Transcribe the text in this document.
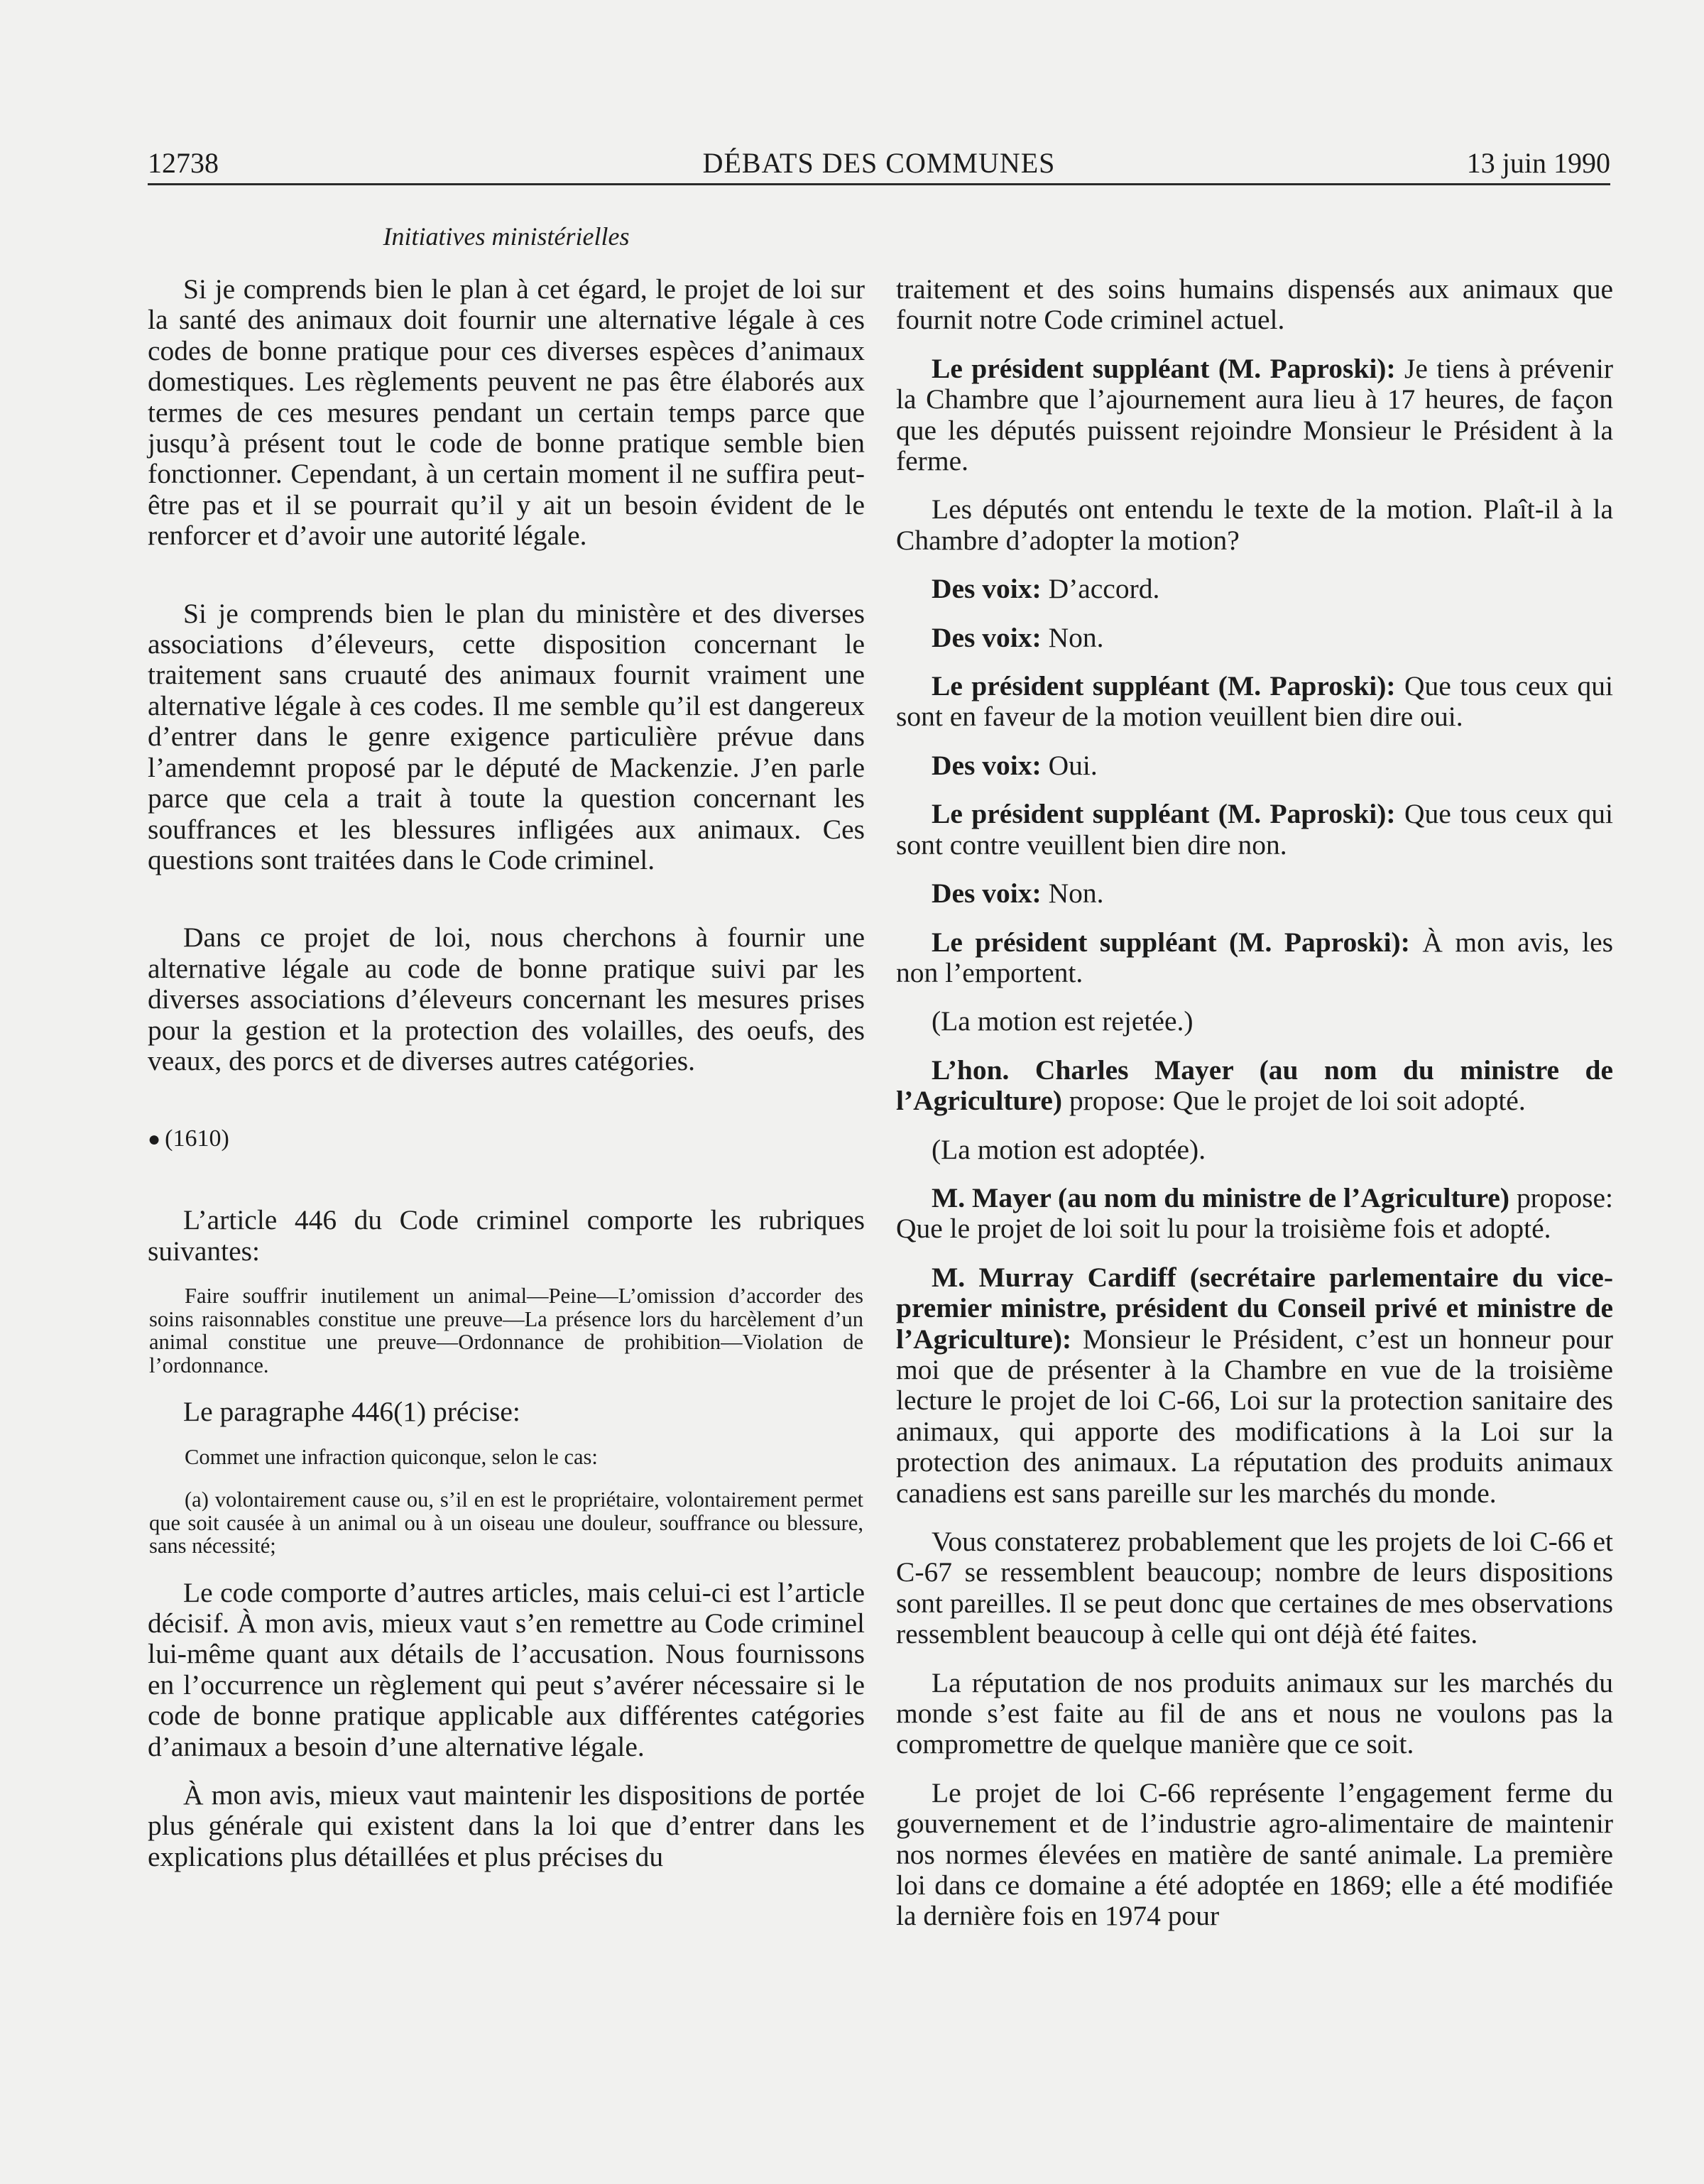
12738	DÉBATS DES COMMUNES	13 juin 1990
Initiatives ministérielles

Si je comprends bien le plan à cet égard, le projet de loi sur la santé des animaux doit fournir une alternative légale à ces codes de bonne pratique pour ces diverses espèces d’animaux domestiques. Les règlements peuvent ne pas être élaborés aux termes de ces mesures pendant un certain temps parce que jusqu’à présent tout le code de bonne pratique semble bien fonctionner. Cependant, à un certain moment il ne suffira peut-être pas et il se pourrait qu’il y ait un besoin évident de le renforcer et d’avoir une autorité légale.

Si je comprends bien le plan du ministère et des diverses associations d’éleveurs, cette disposition concernant le traitement sans cruauté des animaux fournit vraiment une alternative légale à ces codes. Il me semble qu’il est dangereux d’entrer dans le genre exigence particulière prévue dans l’amendemnt proposé par le député de Mackenzie. J’en parle parce que cela a trait à toute la question concernant les souffrances et les blessures infligées aux animaux. Ces questions sont traitées dans le Code criminel.

Dans ce projet de loi, nous cherchons à fournir une alternative légale au code de bonne pratique suivi par les diverses associations d’éleveurs concernant les mesures prises pour la gestion et la protection des volailles, des oeufs, des veaux, des porcs et de diverses autres catégories.

● (1610)

L’article 446 du Code criminel comporte les rubriques suivantes:

Faire souffrir inutilement un animal—Peine—L’omission d’accorder des soins raisonnables constitue une preuve—La présence lors du harcèlement d’un animal constitue une preuve—Ordonnance de prohibition—Violation de l’ordonnance.

Le paragraphe 446(1) précise:

Commet une infraction quiconque, selon le cas:

(a) volontairement cause ou, s’il en est le propriétaire, volontairement permet que soit causée à un animal ou à un oiseau une douleur, souffrance ou blessure, sans nécessité;

Le code comporte d’autres articles, mais celui-ci est l’article décisif. À mon avis, mieux vaut s’en remettre au Code criminel lui-même quant aux détails de l’accusation. Nous fournissons en l’occurrence un règlement qui peut s’avérer nécessaire si le code de bonne pratique applicable aux différentes catégories d’animaux a besoin d’une alternative légale.

À mon avis, mieux vaut maintenir les dispositions de portée plus générale qui existent dans la loi que d’entrer dans les explications plus détaillées et plus précises du

traitement et des soins humains dispensés aux animaux que fournit notre Code criminel actuel.

Le président suppléant (M. Paproski): Je tiens à prévenir la Chambre que l’ajournement aura lieu à 17 heures, de façon que les députés puissent rejoindre Monsieur le Président à la ferme.

Les députés ont entendu le texte de la motion. Plaît-il à la Chambre d’adopter la motion?

Des voix: D’accord.

Des voix: Non.

Le président suppléant (M. Paproski): Que tous ceux qui sont en faveur de la motion veuillent bien dire oui.

Des voix: Oui.

Le président suppléant (M. Paproski): Que tous ceux qui sont contre veuillent bien dire non.

Des voix: Non.

Le président suppléant (M. Paproski): À mon avis, les non l’emportent.

(La motion est rejetée.)

L’hon. Charles Mayer (au nom du ministre de l’Agriculture) propose: Que le projet de loi soit adopté.

(La motion est adoptée).

M. Mayer (au nom du ministre de l’Agriculture) propose: Que le projet de loi soit lu pour la troisième fois et adopté.

M. Murray Cardiff (secrétaire parlementaire du vice-premier ministre, président du Conseil privé et ministre de l’Agriculture): Monsieur le Président, c’est un honneur pour moi que de présenter à la Chambre en vue de la troisième lecture le projet de loi C-66, Loi sur la protection sanitaire des animaux, qui apporte des modifications à la Loi sur la protection des animaux. La réputation des produits animaux canadiens est sans pareille sur les marchés du monde.

Vous constaterez probablement que les projets de loi C-66 et C-67 se ressemblent beaucoup; nombre de leurs dispositions sont pareilles. Il se peut donc que certaines de mes observations ressemblent beaucoup à celle qui ont déjà été faites.

La réputation de nos produits animaux sur les marchés du monde s’est faite au fil de ans et nous ne voulons pas la compromettre de quelque manière que ce soit.

Le projet de loi C-66 représente l’engagement ferme du gouvernement et de l’industrie agro-alimentaire de maintenir nos normes élevées en matière de santé animale. La première loi dans ce domaine a été adoptée en 1869; elle a été modifiée la dernière fois en 1974 pour
